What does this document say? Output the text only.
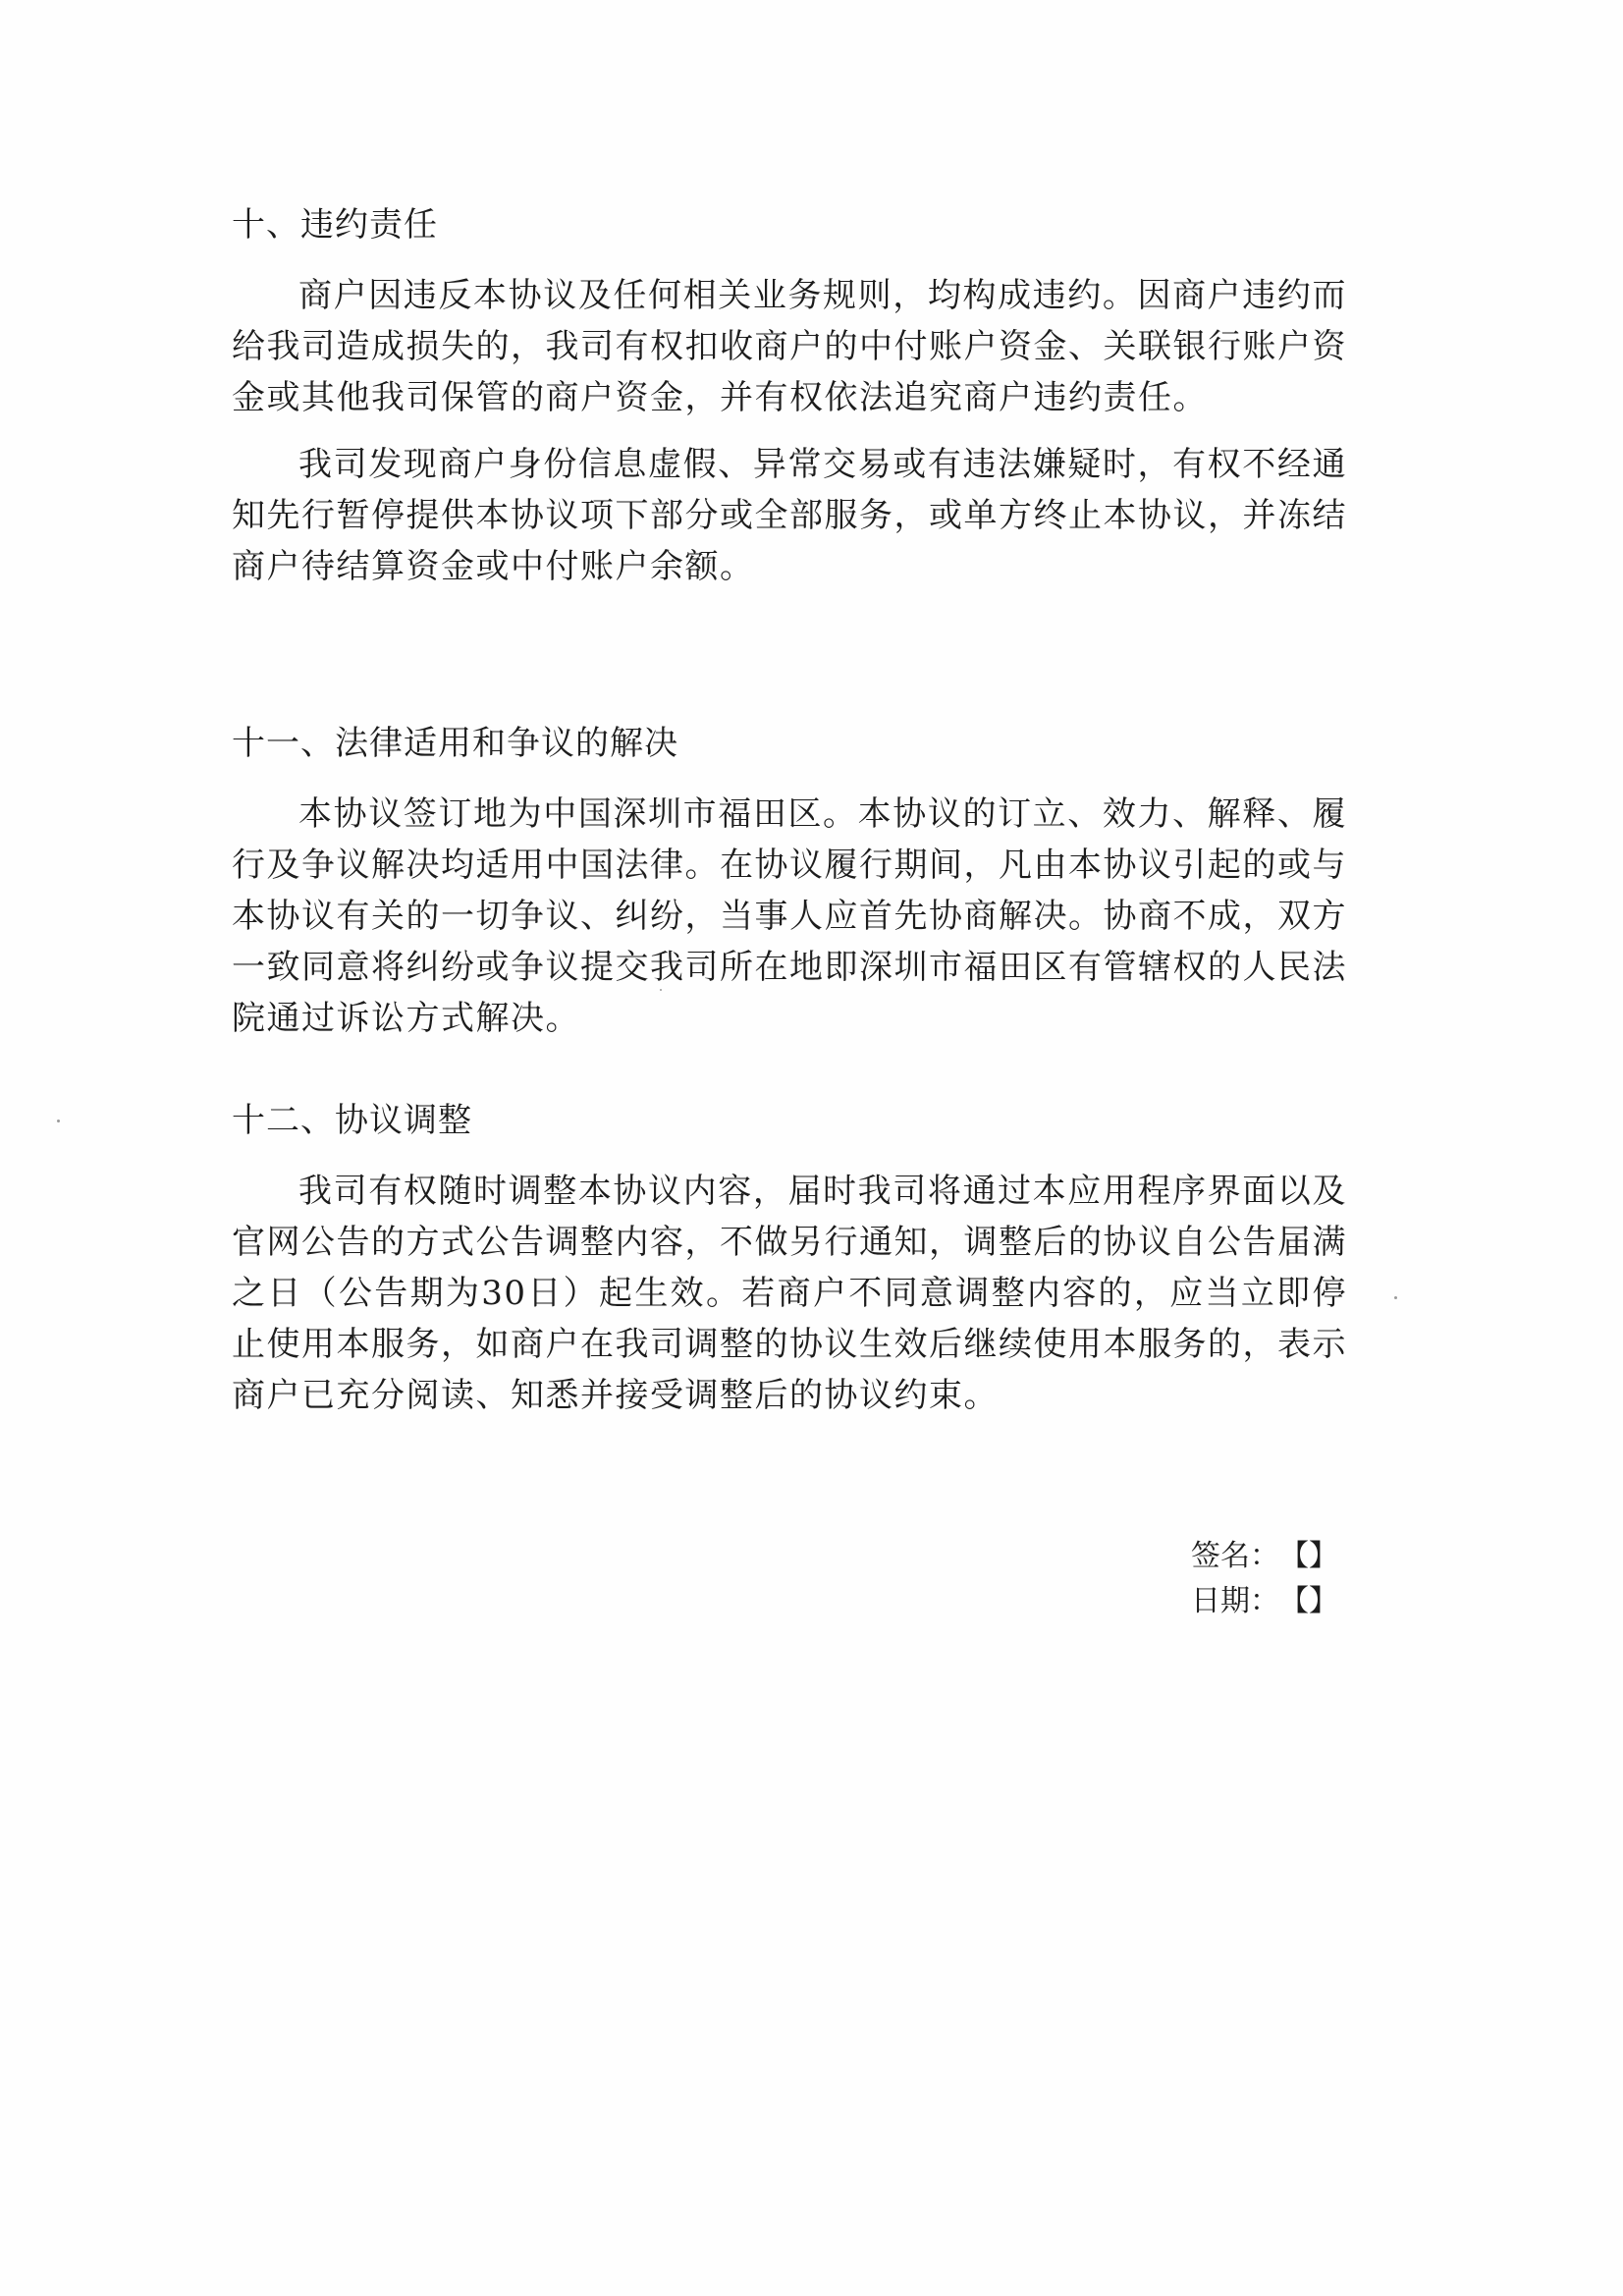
十、违约责任
商户因违反本协议及任何相关业务规则，均构成违约。因商户违约而给我司造成损失的，我司有权扣收商户的中付账户资金、关联银行账户资金或其他我司保管的商户资金，并有权依法追究商户违约责任。
我司发现商户身份信息虚假、异常交易或有违法嫌疑时，有权不经通知先行暂停提供本协议项下部分或全部服务，或单方终止本协议，并冻结商户待结算资金或中付账户余额。
十一、法律适用和争议的解决
本协议签订地为中国深圳市福田区。本协议的订立、效力、解释、履行及争议解决均适用中国法律。在协议履行期间，凡由本协议引起的或与本协议有关的一切争议、纠纷，当事人应首先协商解决。协商不成，双方一致同意将纠纷或争议提交我司所在地即深圳市福田区有管辖权的人民法院通过诉讼方式解决。
十二、协议调整
我司有权随时调整本协议内容，届时我司将通过本应用程序界面以及官网公告的方式公告调整内容，不做另行通知，调整后的协议自公告届满之日（公告期为30日）起生效。若商户不同意调整内容的，应当立即停止使用本服务，如商户在我司调整的协议生效后继续使用本服务的，表示商户已充分阅读、知悉并接受调整后的协议约束。
签名：【】
日期：【】
